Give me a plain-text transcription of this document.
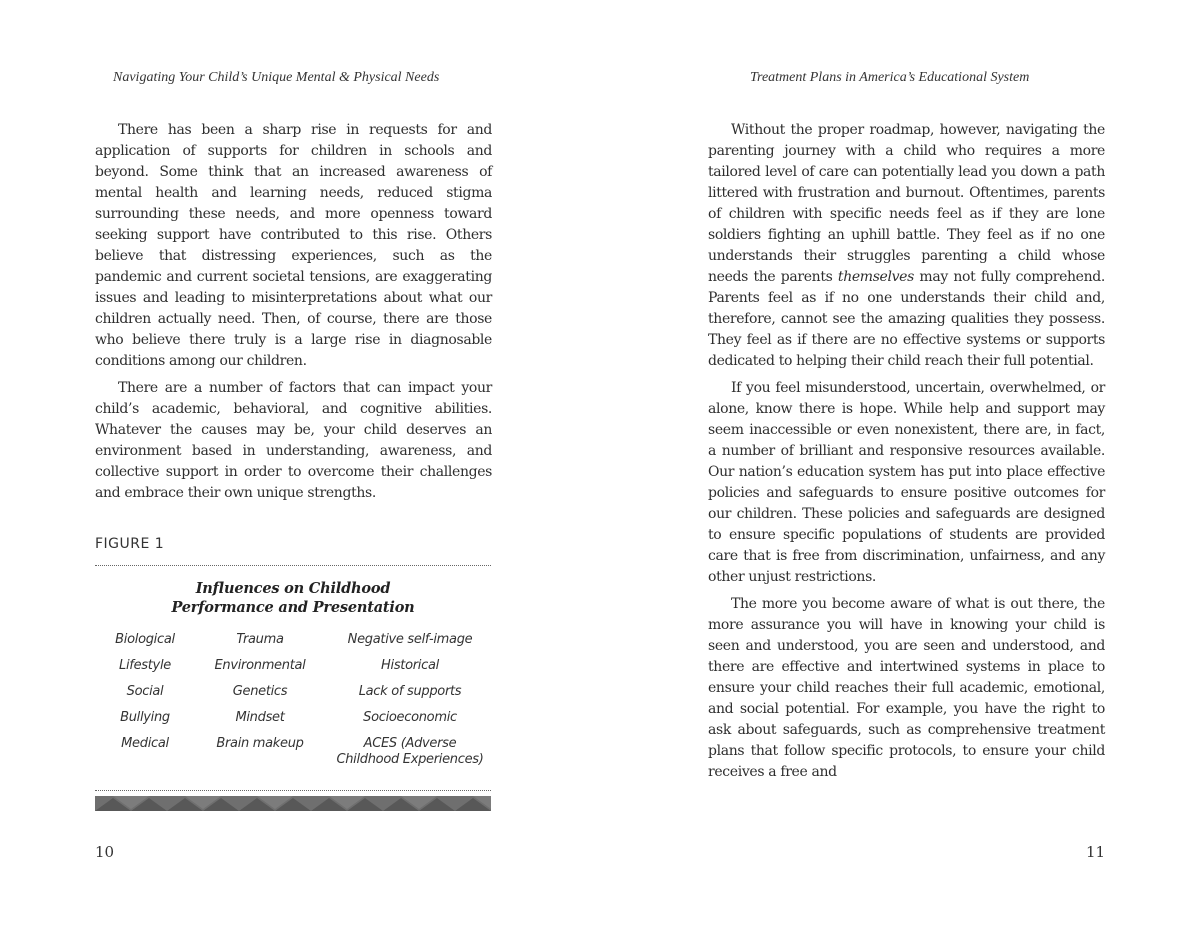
Navigating Your Child’s Unique Mental & Physical Needs

There has been a sharp rise in requests for and application of supports for children in schools and beyond. Some think that an increased awareness of mental health and learning needs, reduced stigma surrounding these needs, and more openness toward seeking support have contributed to this rise. Others believe that distressing experiences, such as the pandemic and current societal tensions, are exaggerating issues and leading to misinterpretations about what our children actually need. Then, of course, there are those who believe there truly is a large rise in diagnosable conditions among our children.

There are a number of factors that can impact your child’s academic, behavioral, and cognitive abilities. Whatever the causes may be, your child deserves an environment based in understanding, awareness, and collective support in order to overcome their challenges and embrace their own unique strengths.

FIGURE 1
Influences on Childhood
Performance and Presentation
Biological
Lifestyle
Social
Bullying
Medical
Trauma
Environmental
Genetics
Mindset
Brain makeup
Negative self-image
Historical
Lack of supports
Socioeconomic
ACES (Adverse
Childhood Experiences)
10
Treatment Plans in America’s Educational System

Without the proper roadmap, however, navigating the parenting journey with a child who requires a more tailored level of care can potentially lead you down a path littered with frustration and burnout. Oftentimes, parents of children with specific needs feel as if they are lone soldiers fighting an uphill battle. They feel as if no one understands their struggles parenting a child whose needs the parents themselves may not fully comprehend. Parents feel as if no one understands their child and, therefore, cannot see the amazing qualities they possess. They feel as if there are no effective systems or supports dedicated to helping their child reach their full potential.

If you feel misunderstood, uncertain, overwhelmed, or alone, know there is hope. While help and support may seem inaccessible or even nonexistent, there are, in fact, a number of brilliant and responsive resources available. Our nation’s education system has put into place effective policies and safeguards to ensure positive outcomes for our children. These policies and safeguards are designed to ensure specific populations of students are provided care that is free from discrimination, unfairness, and any other unjust restrictions.

The more you become aware of what is out there, the more assurance you will have in knowing your child is seen and understood, you are seen and understood, and there are effective and intertwined systems in place to ensure your child reaches their full academic, emotional, and social potential. For example, you have the right to ask about safeguards, such as comprehensive treatment plans that follow specific protocols, to ensure your child receives a free and

11
